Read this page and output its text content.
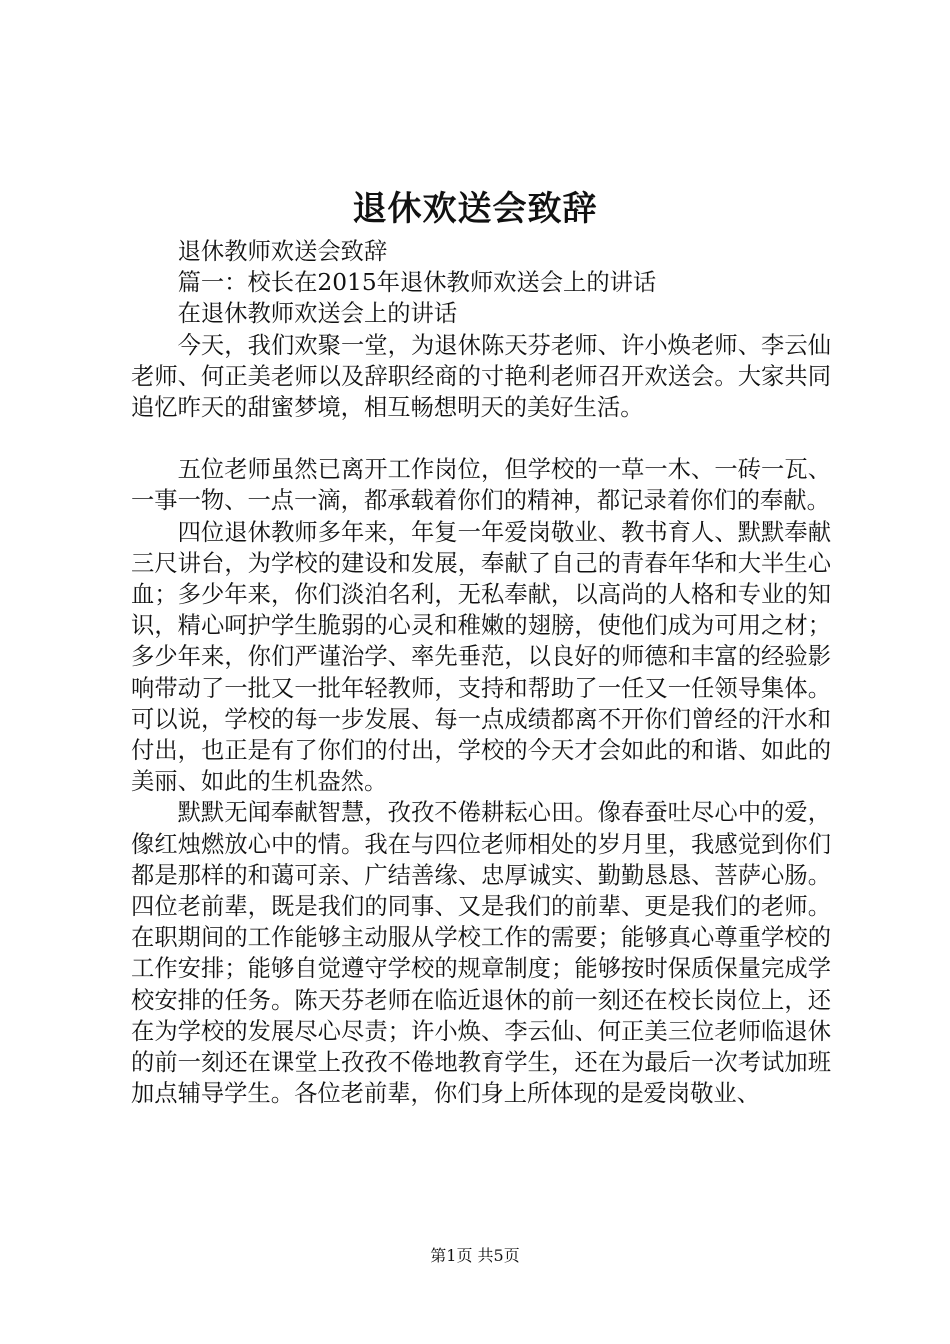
退休欢送会致辞

退休教师欢送会致辞

篇一：校长在2015年退休教师欢送会上的讲话

在退休教师欢送会上的讲话

今天，我们欢聚一堂，为退休陈天芬老师、许小焕老师、李云仙老师、何正美老师以及辞职经商的寸艳利老师召开欢送会。大家共同追忆昨天的甜蜜梦境，相互畅想明天的美好生活。

五位老师虽然已离开工作岗位，但学校的一草一木、一砖一瓦、一事一物、一点一滴，都承载着你们的精神，都记录着你们的奉献。

四位退休教师多年来，年复一年爱岗敬业、教书育人、默默奉献三尺讲台，为学校的建设和发展，奉献了自己的青春年华和大半生心血；多少年来，你们淡泊名利，无私奉献，以高尚的人格和专业的知识，精心呵护学生脆弱的心灵和稚嫩的翅膀，使他们成为可用之材；多少年来，你们严谨治学、率先垂范，以良好的师德和丰富的经验影响带动了一批又一批年轻教师，支持和帮助了一任又一任领导集体。可以说，学校的每一步发展、每一点成绩都离不开你们曾经的汗水和付出，也正是有了你们的付出，学校的今天才会如此的和谐、如此的美丽、如此的生机盎然。

默默无闻奉献智慧，孜孜不倦耕耘心田。像春蚕吐尽心中的爱，像红烛燃放心中的情。我在与四位老师相处的岁月里，我感觉到你们都是那样的和蔼可亲、广结善缘、忠厚诚实、勤勤恳恳、菩萨心肠。四位老前辈，既是我们的同事、又是我们的前辈、更是我们的老师。在职期间的工作能够主动服从学校工作的需要；能够真心尊重学校的工作安排；能够自觉遵守学校的规章制度；能够按时保质保量完成学校安排的任务。陈天芬老师在临近退休的前一刻还在校长岗位上，还在为学校的发展尽心尽责；许小焕、李云仙、何正美三位老师临退休的前一刻还在课堂上孜孜不倦地教育学生，还在为最后一次考试加班加点辅导学生。各位老前辈，你们身上所体现的是爱岗敬业、

第1页 共5页
